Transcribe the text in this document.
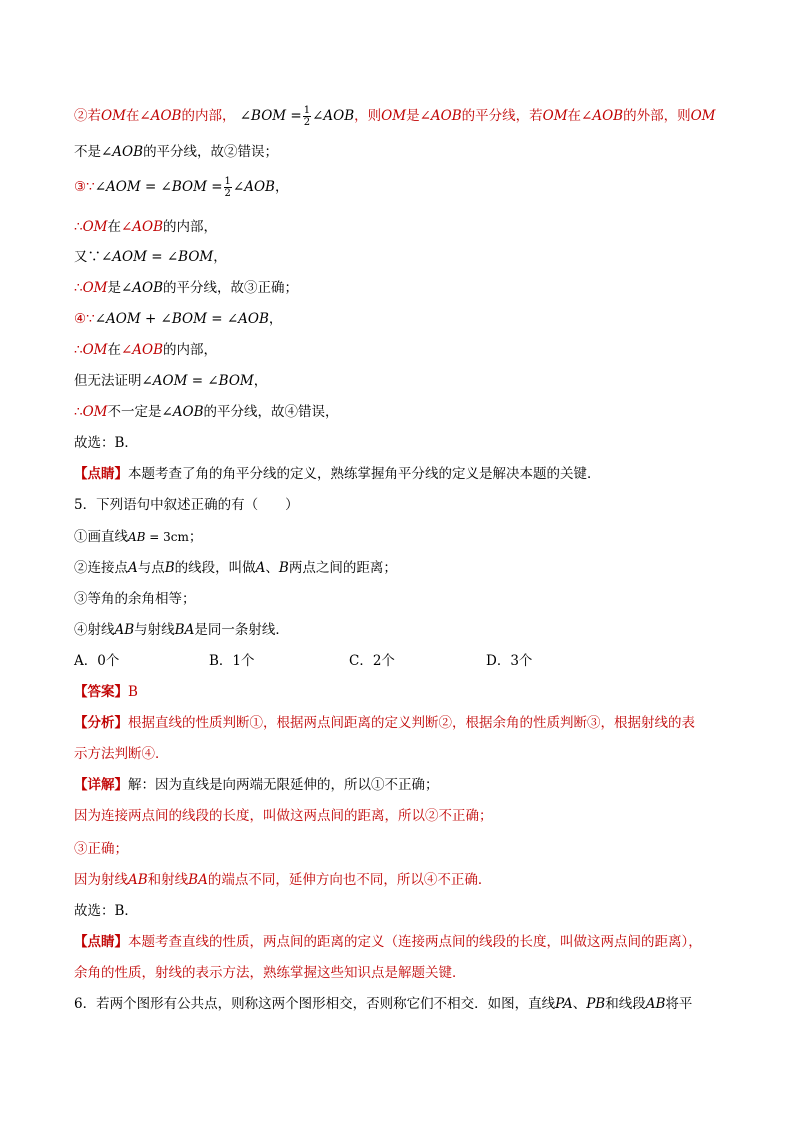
②若OM在∠AOB的内部， ∠BOM = $\frac{1}{2}$ ∠AOB，则OM是∠AOB的平分线，若OM在∠AOB的外部，则OM
不是∠AOB的平分线，故②错误；
③∵∠AOM = ∠BOM = $\frac{1}{2}$ ∠AOB，
∴OM在∠AOB的内部，
又∵∠AOM = ∠BOM，
∴OM是∠AOB的平分线，故③正确；
④∵∠AOM + ∠BOM = ∠AOB，
∴OM在∠AOB的内部，
但无法证明∠AOM = ∠BOM，
∴OM不一定是∠AOB的平分线，故④错误，
故选：B．
【点睛】本题考查了角的角平分线的定义，熟练掌握角平分线的定义是解决本题的关键．
5．下列语句中叙述正确的有（　　）
①画直线AB = 3cm；
②连接点A与点B的线段，叫做A、B两点之间的距离；
③等角的余角相等；
④射线AB与射线BA是同一条射线．
A．0个	B．1个	C．2个	D．3个
【答案】B
【分析】根据直线的性质判断①，根据两点间距离的定义判断②，根据余角的性质判断③，根据射线的表
示方法判断④．
【详解】解：因为直线是向两端无限延伸的，所以①不正确；
因为连接两点间的线段的长度，叫做这两点间的距离，所以②不正确；
③正确；
因为射线AB和射线BA的端点不同，延伸方向也不同，所以④不正确．
故选：B．
【点睛】本题考查直线的性质，两点间的距离的定义（连接两点间的线段的长度，叫做这两点间的距离），
余角的性质，射线的表示方法，熟练掌握这些知识点是解题关键．
6．若两个图形有公共点，则称这两个图形相交，否则称它们不相交．如图，直线PA、PB和线段AB将平
